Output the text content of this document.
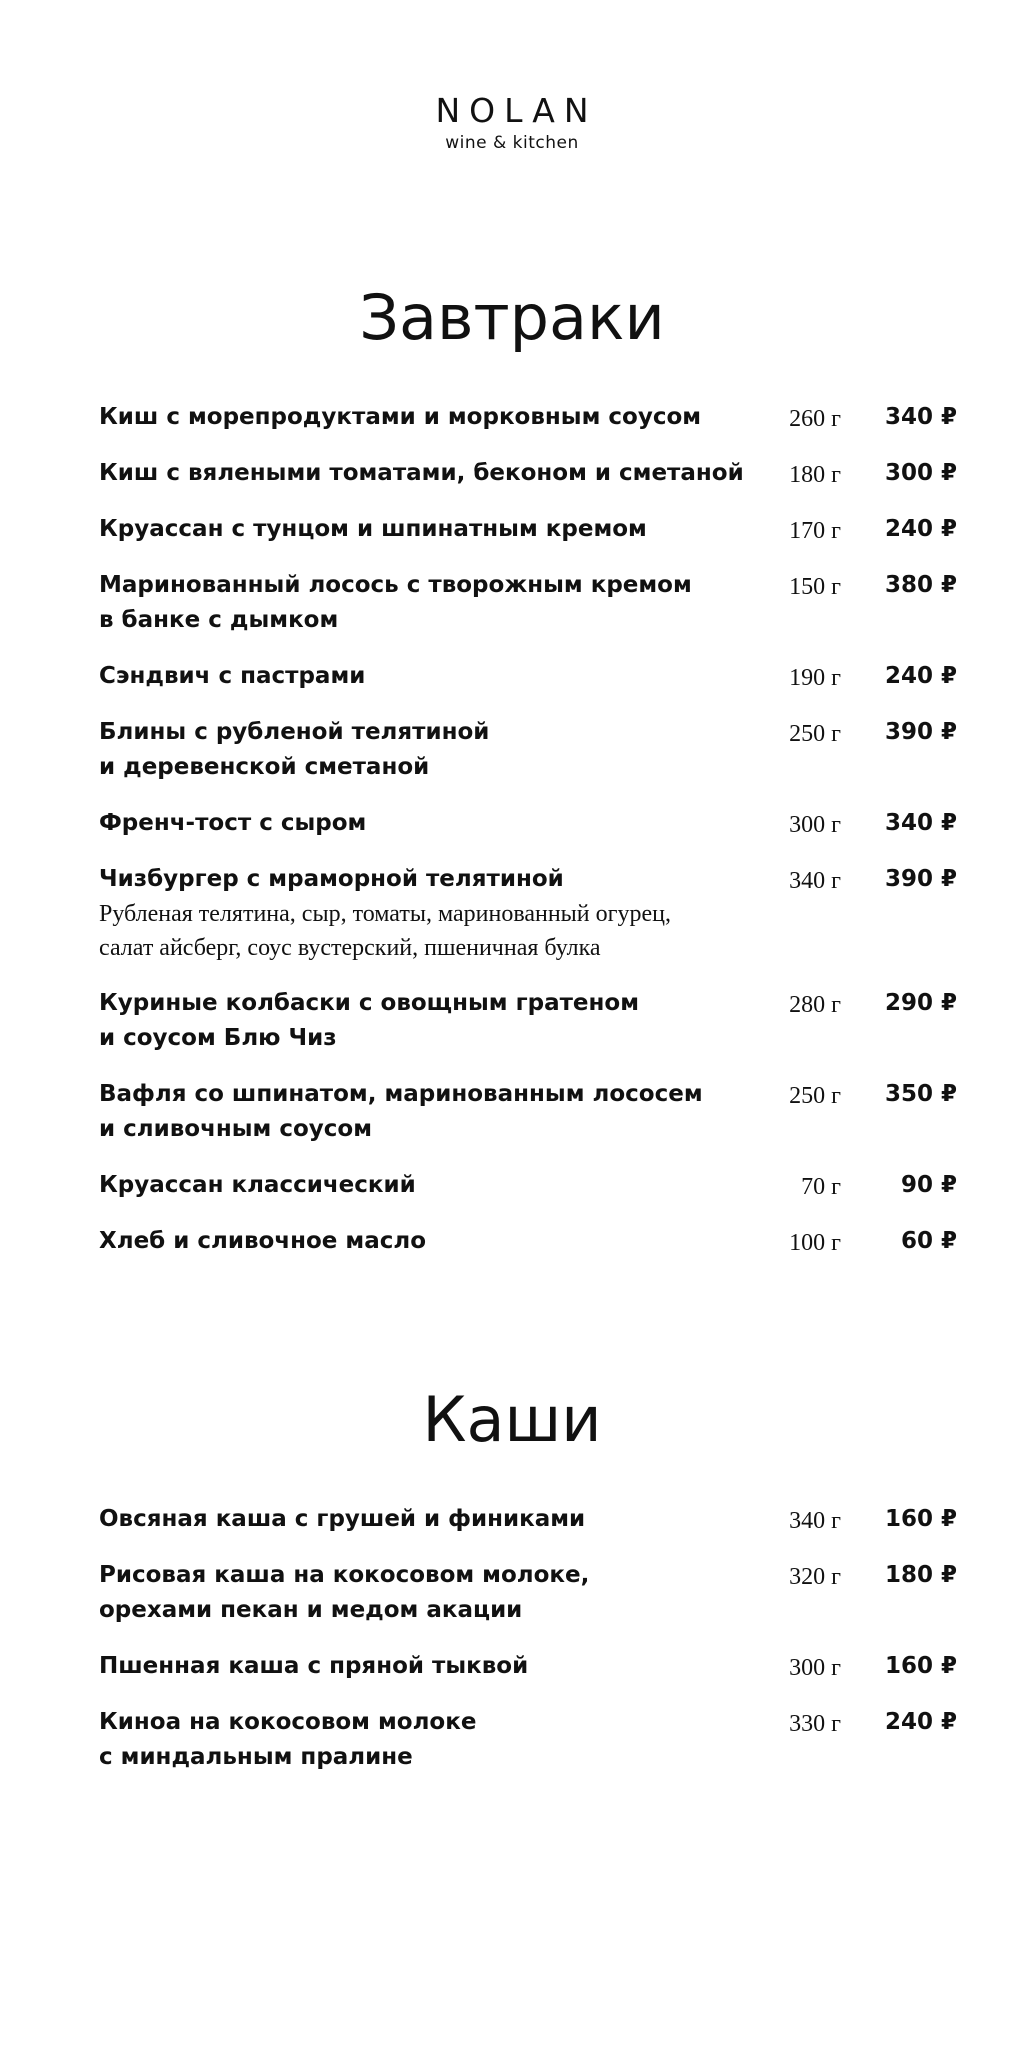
NOLAN
wine & kitchen
Завтраки
Киш с морепродуктами и морковным соусом	260 г 340 ₽
Киш с вялеными томатами, беконом и сметаной	180 г 300 ₽
Круассан с тунцом и шпинатным кремом	170 г 240 ₽
Маринованный лосось с творожным кремом
в банке с дымком
150 г 380 ₽
Сэндвич с пастрами	190 г 240 ₽
Блины с рубленой телятиной
и деревенской сметаной
250 г 390 ₽
Френч-тост с сыром	300 г 340 ₽
Чизбургер с мраморной телятиной
Рубленая телятина, сыр, томаты, маринованный огурец,
салат айсберг, соус вустерский, пшеничная булка
340 г 390 ₽
Куриные колбаски с овощным гратеном
и соусом Блю Чиз
280 г 290 ₽
Вафля со шпинатом, маринованным лососем
и сливочным соусом
250 г 350 ₽
Круассан классический	70 г	90 ₽
Хлеб и сливочное масло	100 г	60 ₽
Каши
Овсяная каша с грушей и финиками	340 г 160 ₽
Рисовая каша на кокосовом молоке,
орехами пекан и медом акации
320 г 180 ₽
Пшенная каша с пряной тыквой	300 г 160 ₽
Киноа на кокосовом молоке
с миндальным пралине
330 г 240 ₽
